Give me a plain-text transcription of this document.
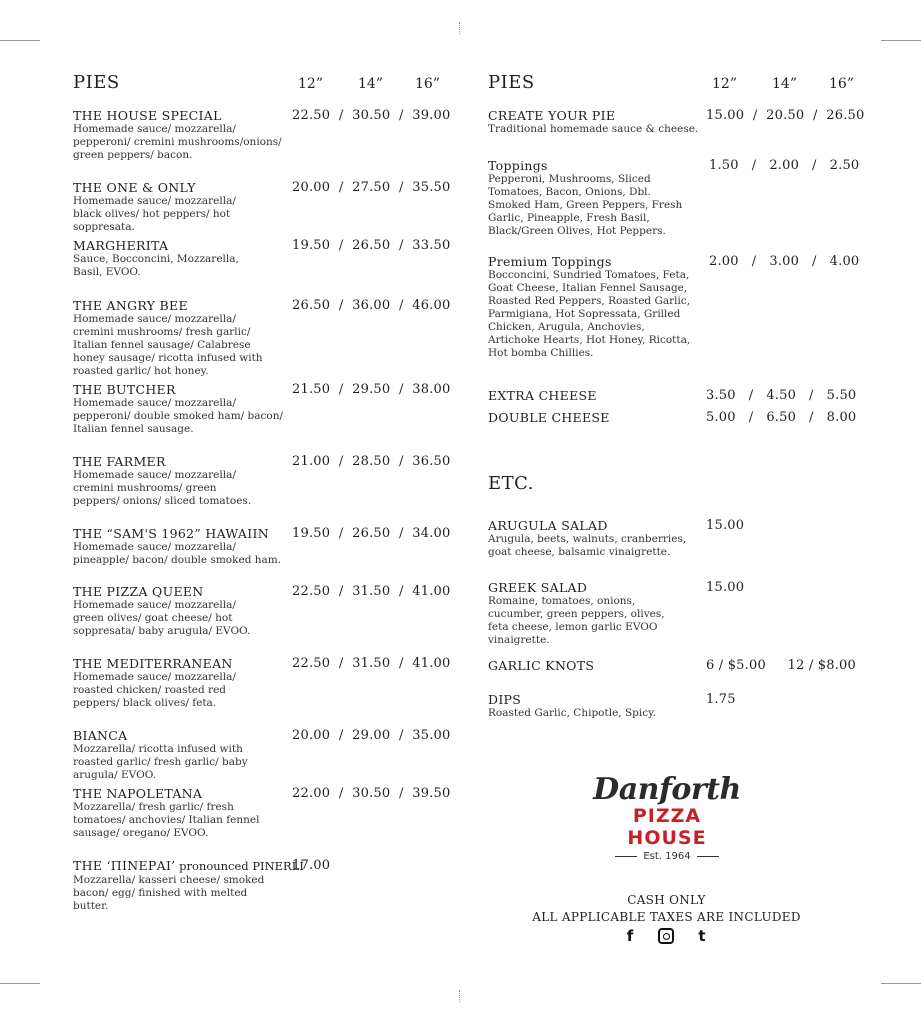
PIES	12”	14” 16”
THE HOUSE SPECIAL
Homemade sauce/ mozzarella/ pepperoni/ cremini mushrooms/onions/ green peppers/ bacon.
22.50  /  30.50  /  39.00
THE ONE & ONLY
Homemade sauce/ mozzarella/ black olives/ hot peppers/ hot soppresata.
20.00  /  27.50  /  35.50
MARGHERITA
Sauce, Bocconcini, Mozzarella, Basil, EVOO.
19.50  /  26.50  /  33.50
THE ANGRY BEE
Homemade sauce/ mozzarella/ cremini mushrooms/ fresh garlic/ Italian fennel sausage/ Calabrese honey sausage/ ricotta infused with roasted garlic/ hot honey.
26.50  /  36.00  /  46.00
THE BUTCHER
Homemade sauce/ mozzarella/ pepperoni/ double smoked ham/ bacon/ Italian fennel sausage.
21.50  /  29.50  /  38.00
THE FARMER
Homemade sauce/ mozzarella/ cremini mushrooms/ green peppers/ onions/ sliced tomatoes.
21.00  /  28.50  /  36.50
THE “SAM'S 1962” HAWAIIN
Homemade sauce/ mozzarella/ pineapple/ bacon/ double smoked ham.
19.50  /  26.50  /  34.00
THE PIZZA QUEEN
Homemade sauce/ mozzarella/ green olives/ goat cheese/ hot soppresata/ baby arugula/ EVOO.
22.50  /  31.50  /  41.00
THE MEDITERRANEAN
Homemade sauce/ mozzarella/ roasted chicken/ roasted red peppers/ black olives/ feta.
22.50  /  31.50  /  41.00
BIANCA
Mozzarella/ ricotta infused with roasted garlic/ fresh garlic/ baby arugula/ EVOO.
20.00  /  29.00  /  35.00
THE NAPOLETANA
Mozzarella/ fresh garlic/ fresh tomatoes/ anchovies/ Italian fennel sausage/ oregano/ EVOO.
22.00  /  30.50  /  39.50
THE ‘ΠΙΝΕΡΑΙ’ pronounced PINERLI
Mozzarella/ kasseri cheese/ smoked bacon/ egg/ finished with melted butter.
17.00
PIES	12”	14” 16”
CREATE YOUR PIE
Traditional homemade sauce & cheese.
15.00  /  20.50  /  26.50
Toppings
Pepperoni, Mushrooms, Sliced Tomatoes, Bacon, Onions, Dbl. Smoked Ham, Green Peppers, Fresh Garlic, Pineapple, Fresh Basil, Black/Green Olives, Hot Peppers.
1.50   /   2.00   /   2.50
Premium Toppings
Bocconcini, Sundried Tomatoes, Feta, Goat Cheese, Italian Fennel Sausage, Roasted Red Peppers, Roasted Garlic, Parmigiana, Hot Sopressata, Grilled Chicken, Arugula, Anchovies, Artichoke Hearts, Hot Honey, Ricotta, Hot bomba Chillies.
2.00   /   3.00   /   4.00
EXTRA CHEESE	3.50   /   4.50   /   5.50
DOUBLE CHEESE	5.00   /   6.50   /   8.00
ETC.
ARUGULA SALAD
Arugula, beets, walnuts, cranberries, goat cheese, balsamic vinaigrette.
15.00
GREEK SALAD
Romaine, tomatoes, onions, cucumber, green peppers, olives, feta cheese, lemon garlic EVOO vinaigrette.
15.00
GARLIC KNOTS	6 / $5.00     12 / $8.00
DIPS
Roasted Garlic, Chipotle, Spicy.
1.75
Danforth
PIZZA HOUSE
Est. 1964
CASH ONLY
ALL APPLICABLE TAXES ARE INCLUDED
f	t
